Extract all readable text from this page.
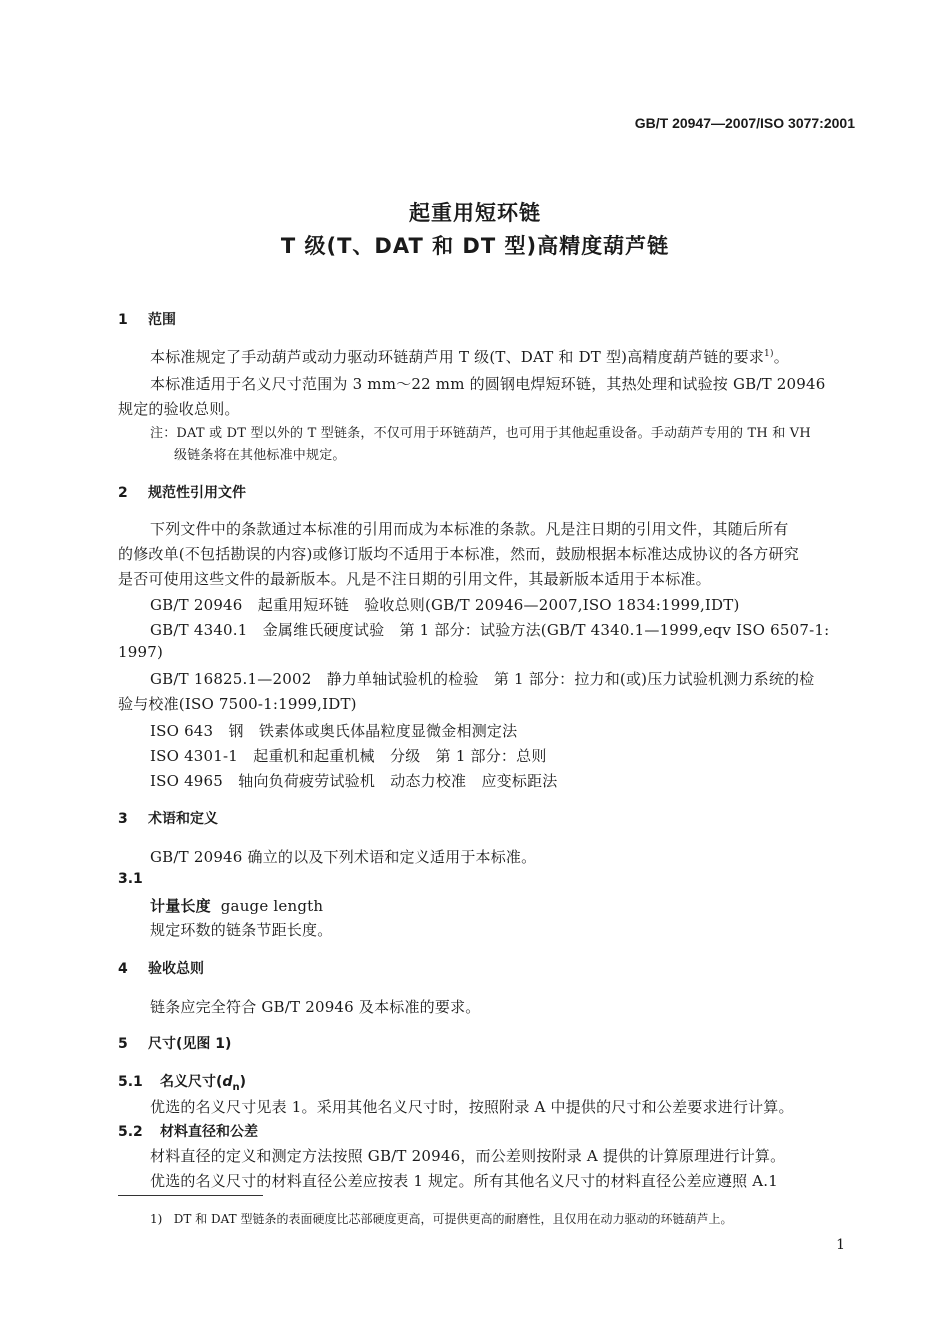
GB/T 20947—2007/ISO 3077:2001
起重用短环链
T 级(T、DAT 和 DT 型)高精度葫芦链
1 范围
本标准规定了手动葫芦或动力驱动环链葫芦用 T 级(T、DAT 和 DT 型)高精度葫芦链的要求$^{1)}$。
本标准适用于名义尺寸范围为 3 mm～22 mm 的圆钢电焊短环链，其热处理和试验按 GB/T 20946
规定的验收总则。
注：DAT 或 DT 型以外的 T 型链条，不仅可用于环链葫芦，也可用于其他起重设备。手动葫芦专用的 TH 和 VH
级链条将在其他标准中规定。
2 规范性引用文件
下列文件中的条款通过本标准的引用而成为本标准的条款。凡是注日期的引用文件，其随后所有
的修改单(不包括勘误的内容)或修订版均不适用于本标准，然而，鼓励根据本标准达成协议的各方研究
是否可使用这些文件的最新版本。凡是不注日期的引用文件，其最新版本适用于本标准。
GB/T 20946　起重用短环链　验收总则(GB/T 20946—2007,ISO 1834:1999,IDT)
GB/T 4340.1　金属维氏硬度试验　第 1 部分：试验方法(GB/T 4340.1—1999,eqv ISO 6507-1:
1997)
GB/T 16825.1—2002　静力单轴试验机的检验　第 1 部分：拉力和(或)压力试验机测力系统的检
验与校准(ISO 7500-1:1999,IDT)
ISO 643　钢　铁素体或奥氏体晶粒度显微金相测定法
ISO 4301-1　起重机和起重机械　分级　第 1 部分：总则
ISO 4965　轴向负荷疲劳试验机　动态力校准　应变标距法
3 术语和定义
GB/T 20946 确立的以及下列术语和定义适用于本标准。
3.1
计量长度 gauge length
规定环数的链条节距长度。
4 验收总则
链条应完全符合 GB/T 20946 及本标准的要求。
5 尺寸(见图 1)
5.1 名义尺寸$(d_n)$
优选的名义尺寸见表 1。采用其他名义尺寸时，按照附录 A 中提供的尺寸和公差要求进行计算。
5.2 材料直径和公差
材料直径的定义和测定方法按照 GB/T 20946，而公差则按附录 A 提供的计算原理进行计算。
优选的名义尺寸的材料直径公差应按表 1 规定。所有其他名义尺寸的材料直径公差应遵照 A.1
1) DT 和 DAT 型链条的表面硬度比芯部硬度更高，可提供更高的耐磨性，且仅用在动力驱动的环链葫芦上。
1
